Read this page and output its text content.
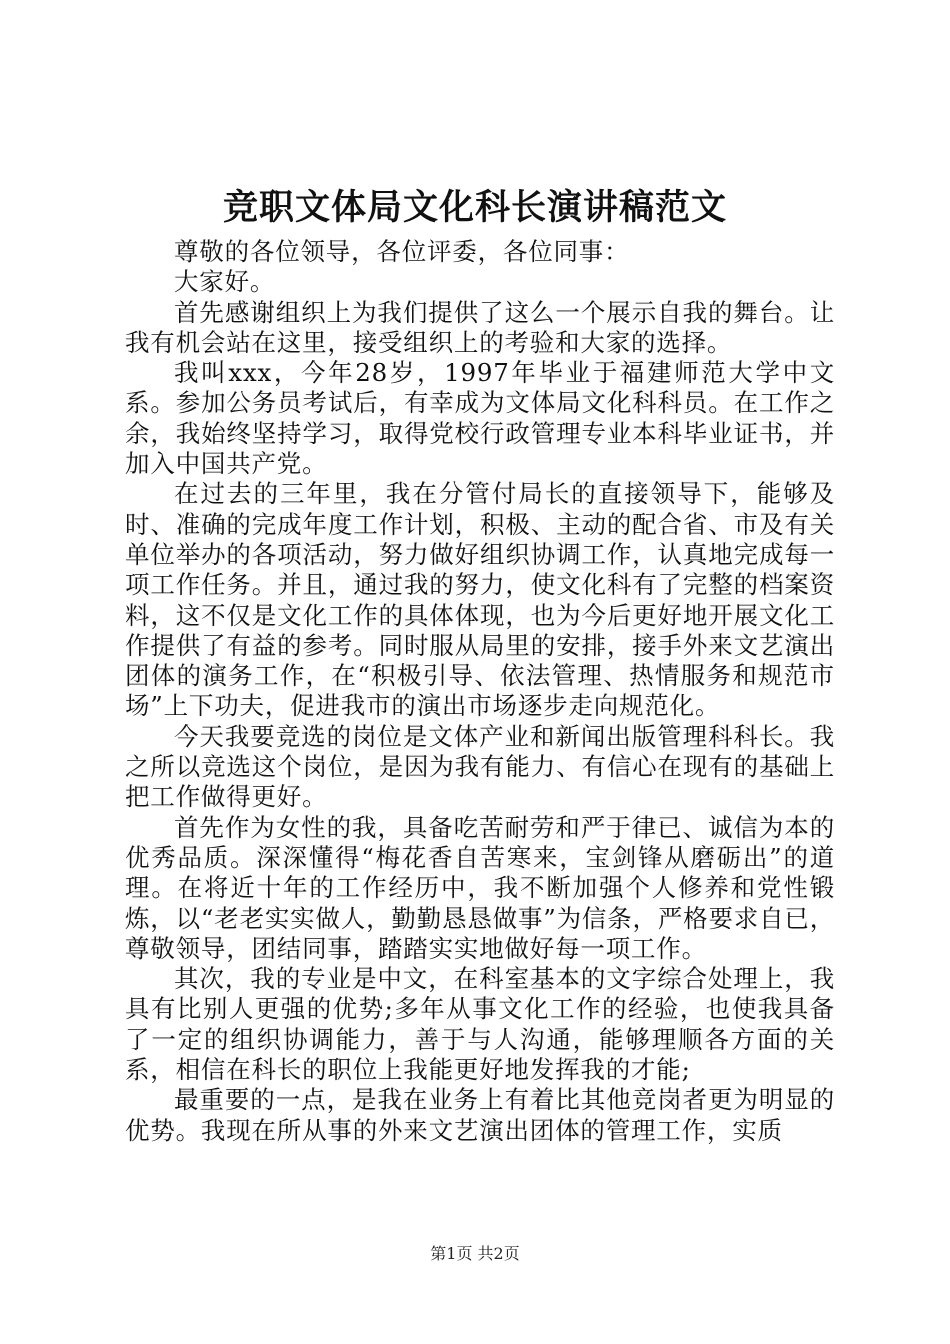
竞职文体局文化科长演讲稿范文

尊敬的各位领导，各位评委，各位同事：

大家好。

首先感谢组织上为我们提供了这么一个展示自我的舞台。让我有机会站在这里，接受组织上的考验和大家的选择。

我叫xxx，今年28岁，1997年毕业于福建师范大学中文系。参加公务员考试后，有幸成为文体局文化科科员。在工作之余，我始终坚持学习，取得党校行政管理专业本科毕业证书，并加入中国共产党。

在过去的三年里，我在分管付局长的直接领导下，能够及时、准确的完成年度工作计划，积极、主动的配合省、市及有关单位举办的各项活动，努力做好组织协调工作，认真地完成每一项工作任务。并且，通过我的努力，使文化科有了完整的档案资料，这不仅是文化工作的具体体现，也为今后更好地开展文化工作提供了有益的参考。同时服从局里的安排，接手外来文艺演出团体的演务工作，在“积极引导、依法管理、热情服务和规范市场”上下功夫，促进我市的演出市场逐步走向规范化。

今天我要竞选的岗位是文体产业和新闻出版管理科科长。我之所以竞选这个岗位，是因为我有能力、有信心在现有的基础上把工作做得更好。

首先作为女性的我，具备吃苦耐劳和严于律已、诚信为本的优秀品质。深深懂得“梅花香自苦寒来，宝剑锋从磨砺出”的道理。在将近十年的工作经历中，我不断加强个人修养和党性锻炼，以“老老实实做人，勤勤恳恳做事”为信条，严格要求自已，尊敬领导，团结同事，踏踏实实地做好每一项工作。

其次，我的专业是中文，在科室基本的文字综合处理上，我具有比别人更强的优势;多年从事文化工作的经验，也使我具备了一定的组织协调能力，善于与人沟通，能够理顺各方面的关系，相信在科长的职位上我能更好地发挥我的才能;

最重要的一点，是我在业务上有着比其他竞岗者更为明显的优势。我现在所从事的外来文艺演出团体的管理工作，实质

第1页 共2页
